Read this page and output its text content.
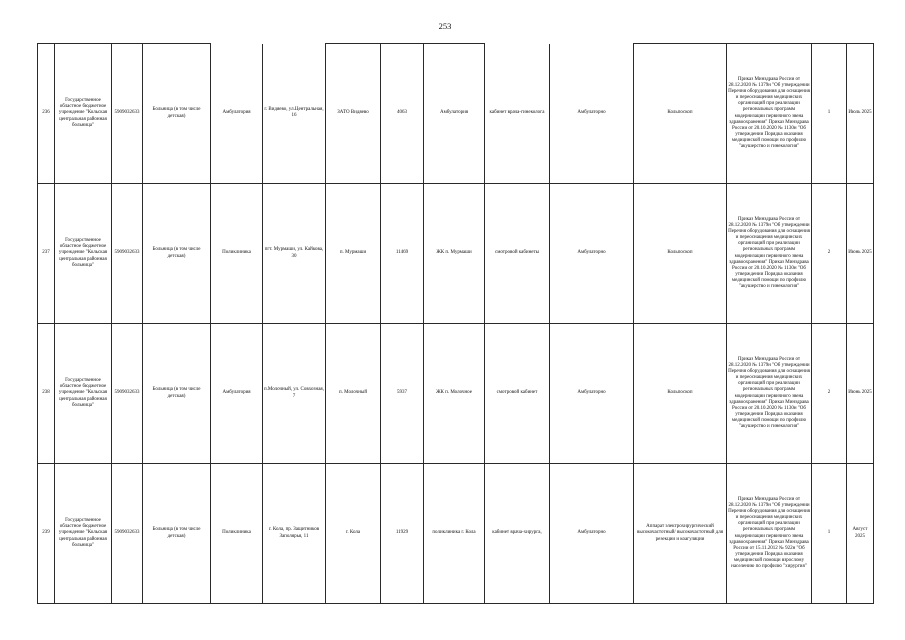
253
236	Государственное областное бюджетное учреждение "Кольская центральная районная больница"	5909032633	Больница (в том числе детская)	Амбулатория	г. Видяево, ул.Центральная, 16	ЗАТО Видяево	4063	Амбулатория	кабинет врача-гинеколога	Амбулаторно	Кольпоскоп	Приказ Минздрава России от 28.12.2020 № 1379н "Об утверждении Перечня оборудования для оснащения и переоснащения медицинских организаций при реализации региональных программ модернизации первичного звена здравоохранения" Приказ Минздрава России от 20.10.2020 № 1130н "Об утверждении Порядка оказания медицинской помощи по профилю "акушерство и гинекология"	1	Июль 2025
237	Государственное областное бюджетное учреждение "Кольская центральная районная больница"	5909032633	Больница (в том числе детская)	Поликлиника	пгт. Мурмаши, ул. Кайкова, 30	п. Мурмаши	11469	ЖК п. Мурмаши	смотровой кабинеты	Амбулаторно	Кольпоскоп	Приказ Минздрава России от 28.12.2020 № 1379н "Об утверждении Перечня оборудования для оснащения и переоснащения медицинских организаций при реализации региональных программ модернизации первичного звена здравоохранения" Приказ Минздрава России от 20.10.2020 № 1130н "Об утверждении Порядка оказания медицинской помощи по профилю "акушерство и гинекология"	2	Июнь 2025
238	Государственное областное бюджетное учреждение "Кольская центральная районная больница"	5909032633	Больница (в том числе детская)	Амбулатория	п.Молочный, ул. Совхозная, 7	п. Молочный	5937	ЖК п. Молочное	смотровой кабинет	Амбулаторно	Кольпоскоп	Приказ Минздрава России от 28.12.2020 № 1379н "Об утверждении Перечня оборудования для оснащения и переоснащения медицинских организаций при реализации региональных программ модернизации первичного звена здравоохранения" Приказ Минздрава России от 20.10.2020 № 1130н "Об утверждении Порядка оказания медицинской помощи по профилю "акушерство и гинекология"	2	Июнь 2025
239	Государственное областное бюджетное учреждение "Кольская центральная районная больница"	5909032633	Больница (в том числе детская)	Поликлиника	г. Кола, пр. Защитников Заполярья, 11	г. Кола	11929	поликлиника г. Кола	кабинет врача-хирурга,	Амбулаторно	Аппарат электрохирургический высокочастотный/ высокочастотный для резекции и коагуляции	Приказ Минздрава России от 28.12.2020 № 1379н "Об утверждении Перечня оборудования для оснащения и переоснащения медицинских организаций при реализации региональных программ модернизации первичного звена здравоохранения" Приказ Минздрава России от 15.11.2012 № 922н "Об утверждении Порядка оказания медицинской помощи взрослому населению по профилю "хирургия"	1	Август 2025
